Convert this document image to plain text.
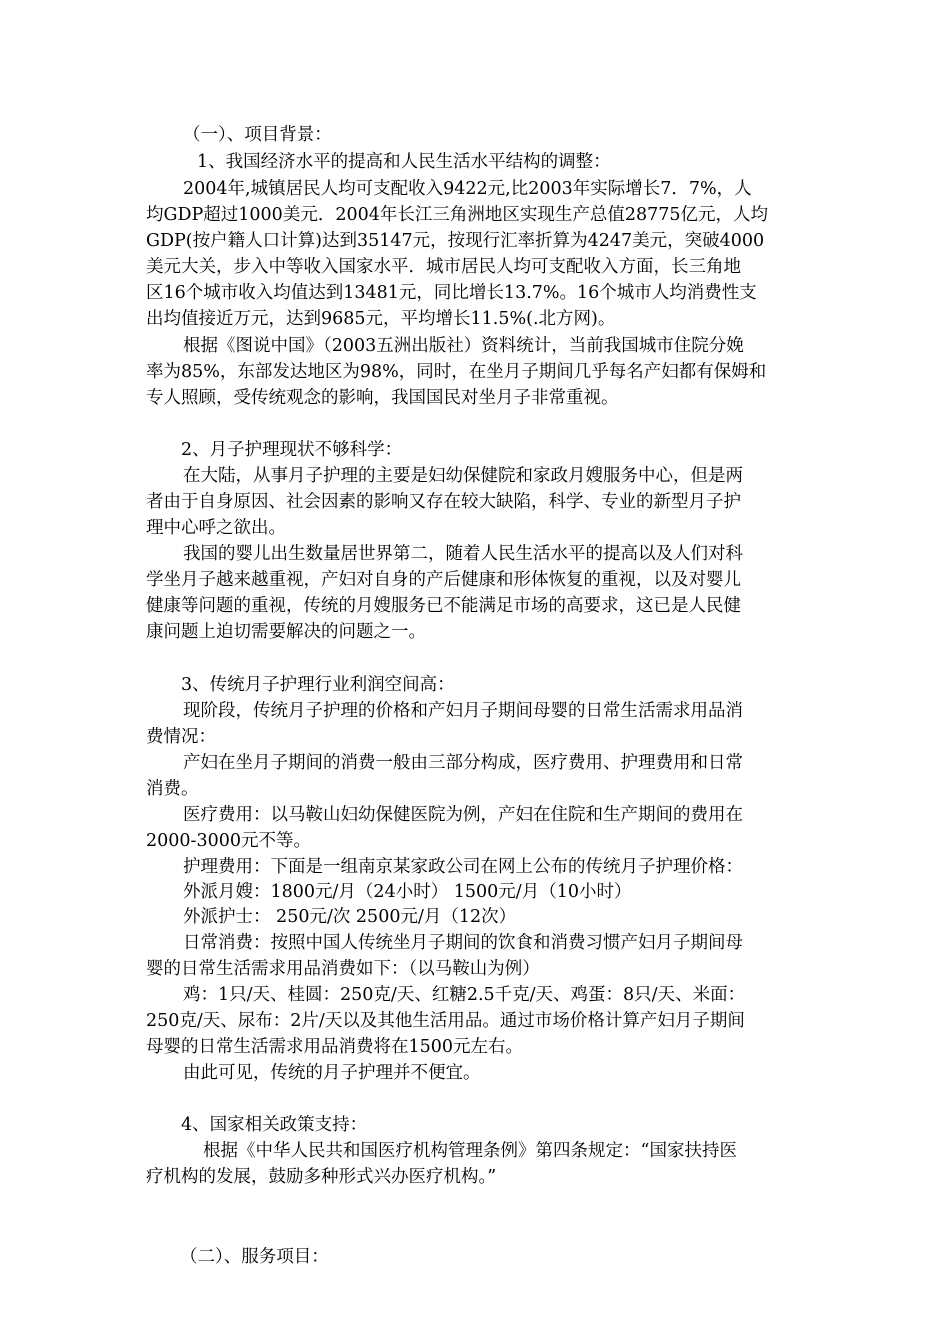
（一）、项目背景：
1、我国经济水平的提高和人民生活水平结构的调整：
2004年,城镇居民人均可支配收入9422元,比2003年实际增长7．7%，人
均GDP超过1000美元．2004年长江三角洲地区实现生产总值28775亿元，人均
GDP(按户籍人口计算)达到35147元，按现行汇率折算为4247美元，突破4000
美元大关，步入中等收入国家水平．城市居民人均可支配收入方面，长三角地
区16个城市收入均值达到13481元，同比增长13.7%。16个城市人均消费性支
出均值接近万元，达到9685元，平均增长11.5%(.北方网)。
根据《图说中国》（2003五洲出版社）资料统计，当前我国城市住院分娩
率为85%，东部发达地区为98%，同时，在坐月子期间几乎每名产妇都有保姆和
专人照顾，受传统观念的影响，我国国民对坐月子非常重视。
2、月子护理现状不够科学：
在大陆，从事月子护理的主要是妇幼保健院和家政月嫂服务中心，但是两
者由于自身原因、社会因素的影响又存在较大缺陷，科学、专业的新型月子护
理中心呼之欲出。
我国的婴儿出生数量居世界第二，随着人民生活水平的提高以及人们对科
学坐月子越来越重视，产妇对自身的产后健康和形体恢复的重视，以及对婴儿
健康等问题的重视，传统的月嫂服务已不能满足市场的高要求，这已是人民健
康问题上迫切需要解决的问题之一。
3、传统月子护理行业利润空间高：
现阶段，传统月子护理的价格和产妇月子期间母婴的日常生活需求用品消
费情况：
产妇在坐月子期间的消费一般由三部分构成，医疗费用、护理费用和日常
消费。
医疗费用：以马鞍山妇幼保健医院为例，产妇在住院和生产期间的费用在
2000-3000元不等。
护理费用：下面是一组南京某家政公司在网上公布的传统月子护理价格：
外派月嫂：1800元/月（24小时） 1500元/月（10小时）
外派护士： 250元/次 2500元/月（12次）
日常消费：按照中国人传统坐月子期间的饮食和消费习惯产妇月子期间母
婴的日常生活需求用品消费如下：（以马鞍山为例）
鸡：1只/天、桂圆：250克/天、红糖2.5千克/天、鸡蛋：8只/天、米面：
250克/天、尿布：2片/天以及其他生活用品。通过市场价格计算产妇月子期间
母婴的日常生活需求用品消费将在1500元左右。
由此可见，传统的月子护理并不便宜。
4、国家相关政策支持：
根据《中华人民共和国医疗机构管理条例》第四条规定：“国家扶持医
疗机构的发展，鼓励多种形式兴办医疗机构。”
（二）、服务项目：
